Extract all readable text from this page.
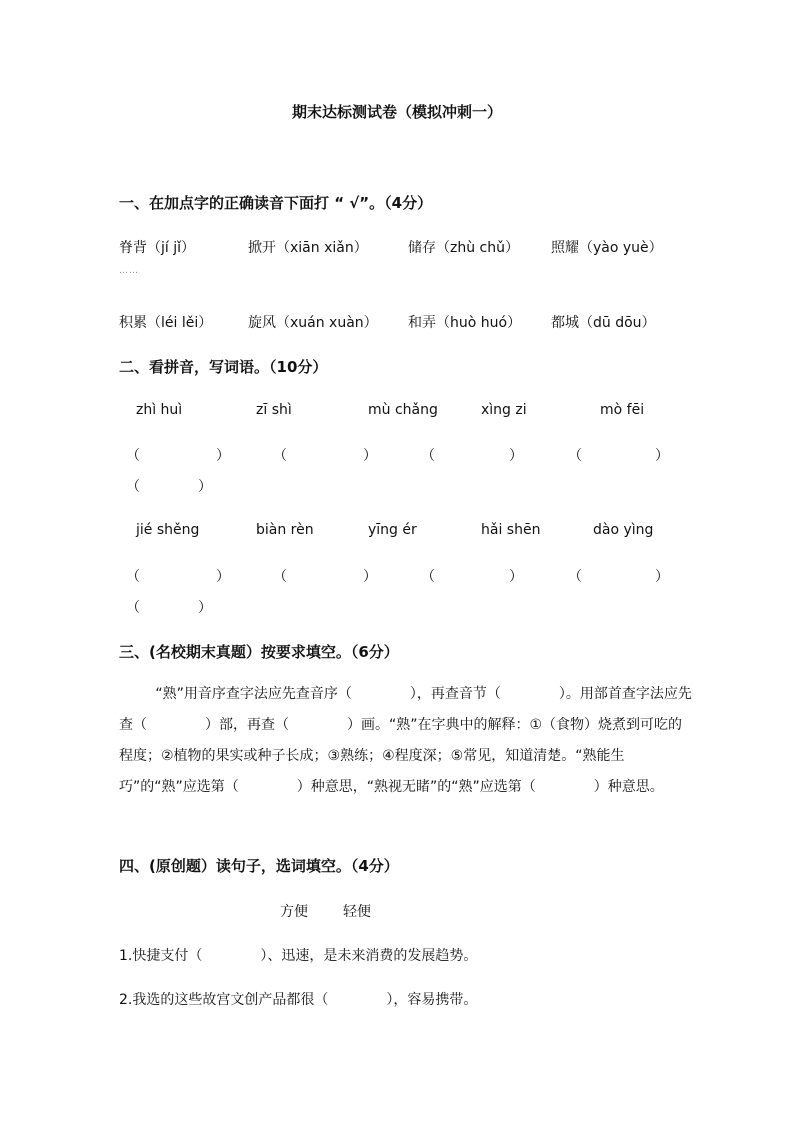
期末达标测试卷（模拟冲刺一）
一、在加点字的正确读音下面打 “ √”。（4分）
脊背（jí jǐ）	掀开（xiān xiǎn）	储存（zhù chǔ） 照耀（yào yuè）
……
积累（léi lěi）	旋风（xuán xuàn） 和弄（huò huó） 都城（dū dōu）
二、看拼音，写词语。（10分）
zhì huì	zī shì	mù chǎng	xìng zi	mò fēi
（	）	（	）	（	）	（	）
（	）
jié shěng	biàn rèn	yīng ér	hǎi shēn	dào yìng
（	）	（	）	（	）	（	）
（	）
三、(名校期末真题）按要求填空。（6分）
“熟”用音序查字法应先查音序（	），再查音节（	）。用部首查字法应先查（	）部，再查（	）画。“熟”在字典中的解释：①（食物）烧煮到可吃的程度；②植物的果实或种子长成；③熟练；④程度深；⑤常见，知道清楚。“熟能生巧”的“熟”应选第（	）种意思，“熟视无睹”的“熟”应选第（	）种意思。
四、(原创题）读句子，选词填空。（4分）
方便	轻便
1.快捷支付（	）、迅速，是未来消费的发展趋势。
2.我选的这些故宫文创产品都很（	），容易携带。
